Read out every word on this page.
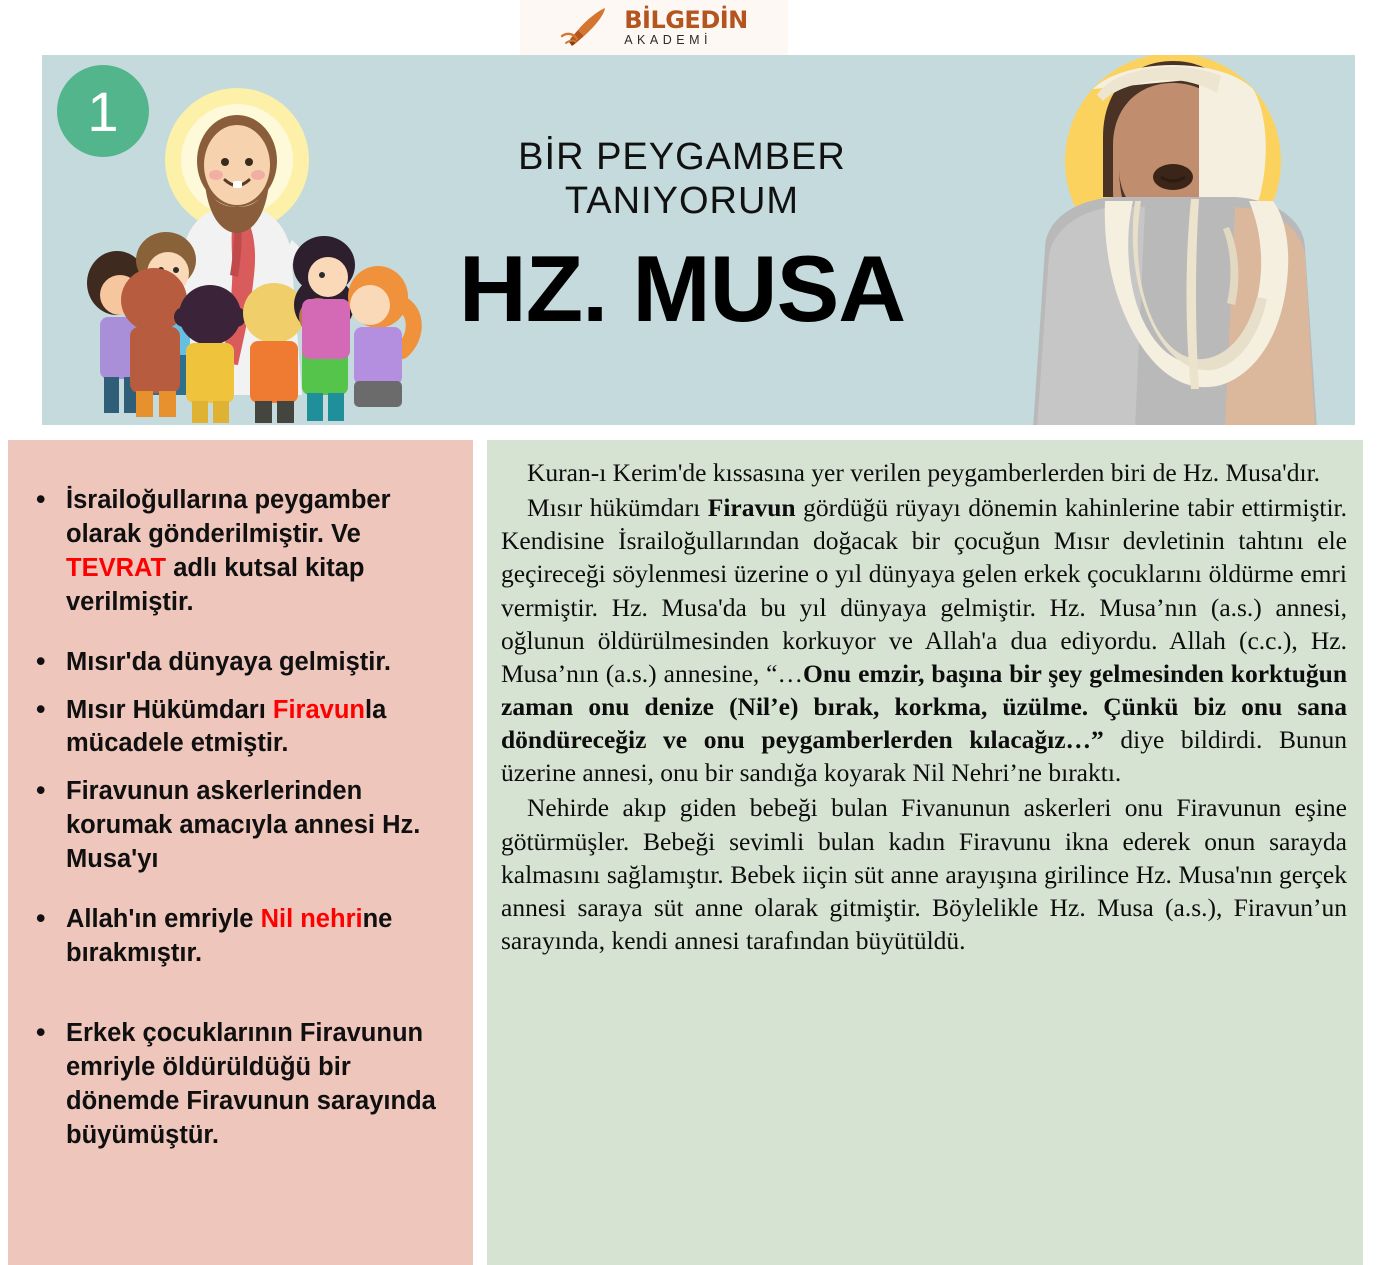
BİLGEDİN
AKADEMİ
1
BİR PEYGAMBER
TANIYORUM
HZ. MUSA
• İsrailoğullarına peygamber olarak gönderilmiştir. Ve TEVRAT adlı kutsal kitap verilmiştir.
• Mısır'da dünyaya gelmiştir.
• Mısır Hükümdarı Firavunla mücadele etmiştir.
• Firavunun askerlerinden korumak amacıyla annesi Hz. Musa'yı
• Allah'ın emriyle Nil nehrine bırakmıştır.
• Erkek çocuklarının Firavunun emriyle öldürüldüğü bir dönemde Firavunun sarayında büyümüştür.

Kuran-ı Kerim'de kıssasına yer verilen peygamberlerden biri de Hz. Musa'dır.

Mısır hükümdarı Firavun gördüğü rüyayı dönemin kahinlerine tabir ettirmiştir. Kendisine İsrailoğullarından doğacak bir çocuğun Mısır devletinin tahtını ele geçireceği söylenmesi üzerine o yıl dünyaya gelen erkek çocuklarını öldürme emri vermiştir. Hz. Musa'da bu yıl dünyaya gelmiştir. Hz. Musa’nın (a.s.) annesi, oğlunun öldürülmesinden korkuyor ve Allah'a dua ediyordu. Allah (c.c.), Hz. Musa’nın (a.s.) annesine, “…Onu emzir, başına bir şey gelmesinden korktuğun zaman onu denize (Nil’e) bırak, korkma, üzülme. Çünkü biz onu sana döndüreceğiz ve onu peygamberlerden kılacağız…” diye bildirdi. Bunun üzerine annesi, onu bir sandığa koyarak Nil Nehri’ne bıraktı.

Nehirde akıp giden bebeği bulan Fivanunun askerleri onu Firavunun eşine götürmüşler. Bebeği sevimli bulan kadın Firavunu ikna ederek onun sarayda kalmasını sağlamıştır. Bebek iiçin süt anne arayışına girilince Hz. Musa'nın gerçek annesi saraya süt anne olarak gitmiştir. Böylelikle Hz. Musa (a.s.), Firavun’un sarayında, kendi annesi tarafından büyütüldü.
